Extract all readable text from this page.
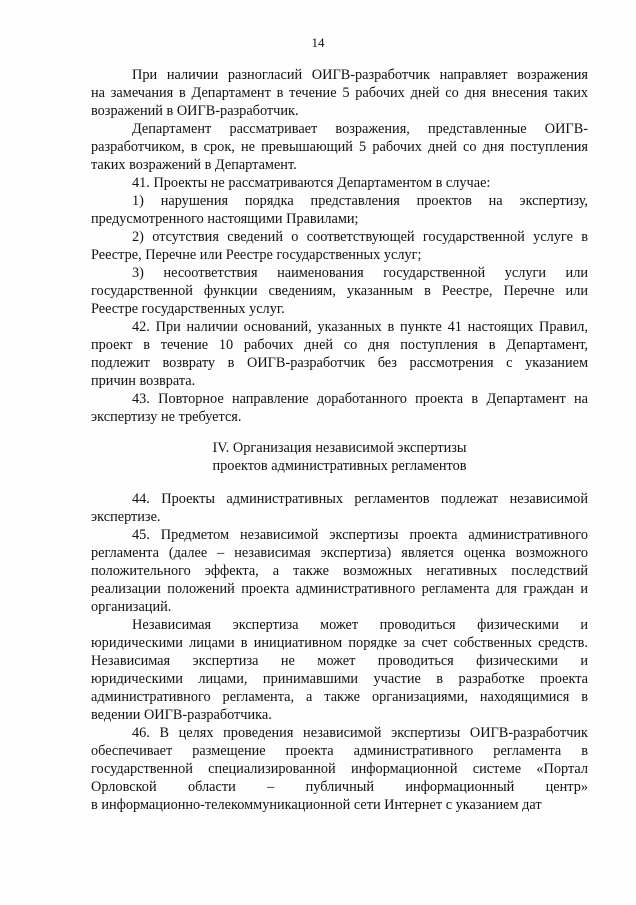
14
При наличии разногласий ОИГВ-разработчик направляет возражения
на замечания в Департамент в течение 5 рабочих дней со дня внесения таких
возражений в ОИГВ-разработчик.
Департамент рассматривает возражения, представленные ОИГВ-
разработчиком, в срок, не превышающий 5 рабочих дней со дня поступления
таких возражений в Департамент.
41. Проекты не рассматриваются Департаментом в случае:
1) нарушения порядка представления проектов на экспертизу,
предусмотренного настоящими Правилами;
2) отсутствия сведений о соответствующей государственной услуге в
Реестре, Перечне или Реестре государственных услуг;
3) несоответствия наименования государственной услуги или
государственной функции сведениям, указанным в Реестре, Перечне или
Реестре государственных услуг.
42. При наличии оснований, указанных в пункте 41 настоящих Правил,
проект в течение 10 рабочих дней со дня поступления в Департамент,
подлежит возврату в ОИГВ-разработчик без рассмотрения с указанием
причин возврата.
43. Повторное направление доработанного проекта в Департамент на
экспертизу не требуется.
IV. Организация независимой экспертизы
проектов административных регламентов
44. Проекты административных регламентов подлежат независимой
экспертизе.
45. Предметом независимой экспертизы проекта административного
регламента (далее – независимая экспертиза) является оценка возможного
положительного эффекта, а также возможных негативных последствий
реализации положений проекта административного регламента для граждан и
организаций.
Независимая экспертиза может проводиться физическими и
юридическими лицами в инициативном порядке за счет собственных средств.
Независимая экспертиза не может проводиться физическими и
юридическими лицами, принимавшими участие в разработке проекта
административного регламента, а также организациями, находящимися в
ведении ОИГВ-разработчика.
46. В целях проведения независимой экспертизы ОИГВ-разработчик
обеспечивает размещение проекта административного регламента в
государственной специализированной информационной системе «Портал
Орловской области – публичный информационный центр»
в информационно-телекоммуникационной сети Интернет с указанием дат
